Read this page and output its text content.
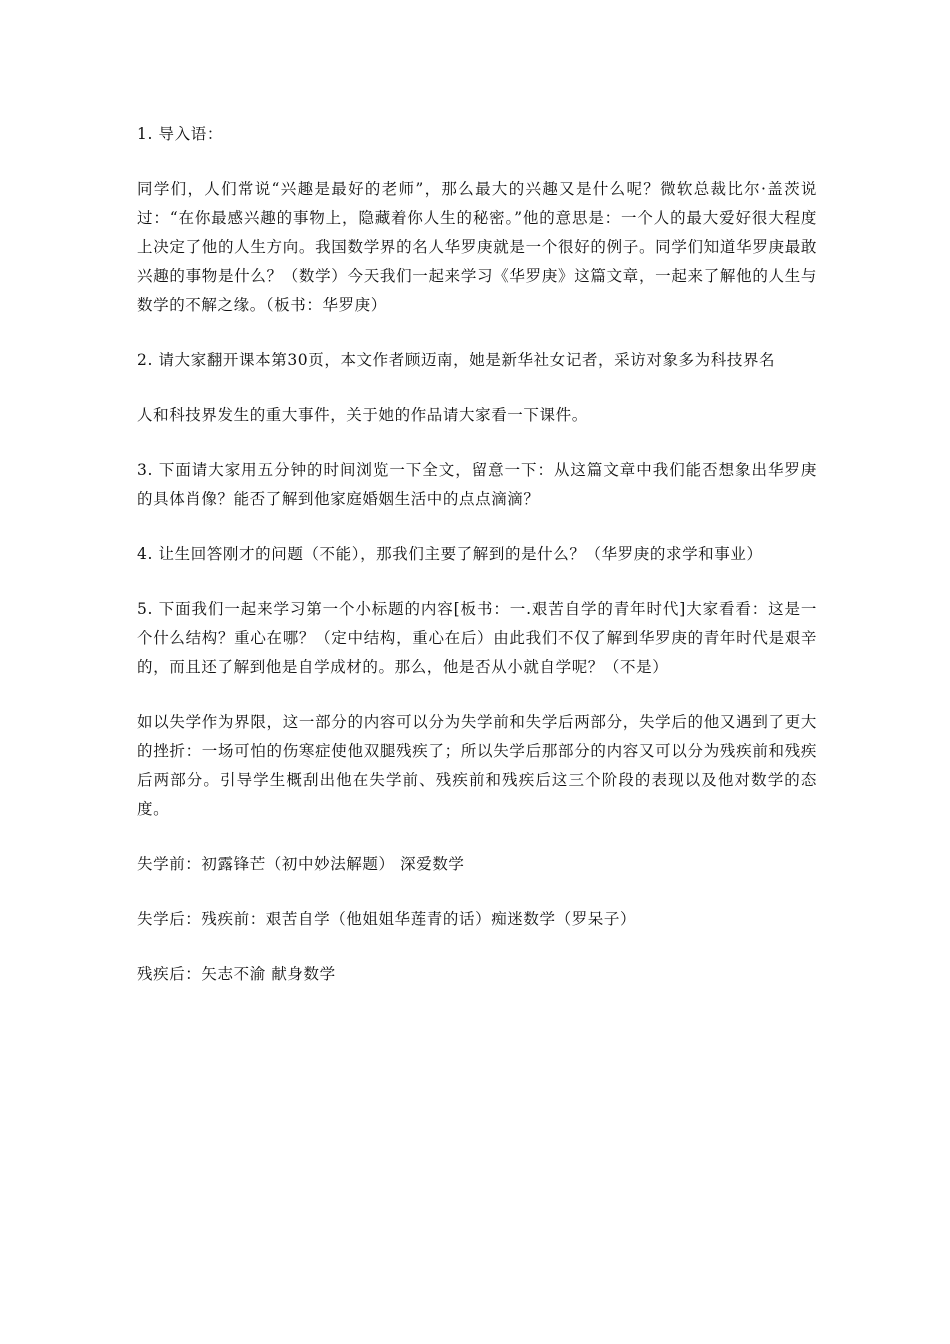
1. 导入语：

同学们，人们常说“兴趣是最好的老师”，那么最大的兴趣又是什么呢？微软总裁比尔·盖茨说过：“在你最感兴趣的事物上，隐藏着你人生的秘密。”他的意思是：一个人的最大爱好很大程度上决定了他的人生方向。我国数学界的名人华罗庚就是一个很好的例子。同学们知道华罗庚最敢兴趣的事物是什么？（数学）今天我们一起来学习《华罗庚》这篇文章，一起来了解他的人生与数学的不解之缘。（板书：华罗庚）

2. 请大家翻开课本第30页，本文作者顾迈南，她是新华社女记者，采访对象多为科技界名

人和科技界发生的重大事件，关于她的作品请大家看一下课件。

3. 下面请大家用五分钟的时间浏览一下全文，留意一下：从这篇文章中我们能否想象出华罗庚的具体肖像？能否了解到他家庭婚姻生活中的点点滴滴？

4. 让生回答刚才的问题（不能），那我们主要了解到的是什么？（华罗庚的求学和事业）

5. 下面我们一起来学习第一个小标题的内容[板书：一.艰苦自学的青年时代]大家看看：这是一个什么结构？重心在哪？（定中结构，重心在后）由此我们不仅了解到华罗庚的青年时代是艰辛的，而且还了解到他是自学成材的。那么，他是否从小就自学呢？（不是）

如以失学作为界限，这一部分的内容可以分为失学前和失学后两部分，失学后的他又遇到了更大的挫折：一场可怕的伤寒症使他双腿残疾了；所以失学后那部分的内容又可以分为残疾前和残疾后两部分。引导学生概刮出他在失学前、残疾前和残疾后这三个阶段的表现以及他对数学的态度。

失学前：初露锋芒（初中妙法解题） 深爱数学

失学后：残疾前：艰苦自学（他姐姐华莲青的话）痴迷数学（罗呆子）

残疾后：矢志不渝 献身数学
